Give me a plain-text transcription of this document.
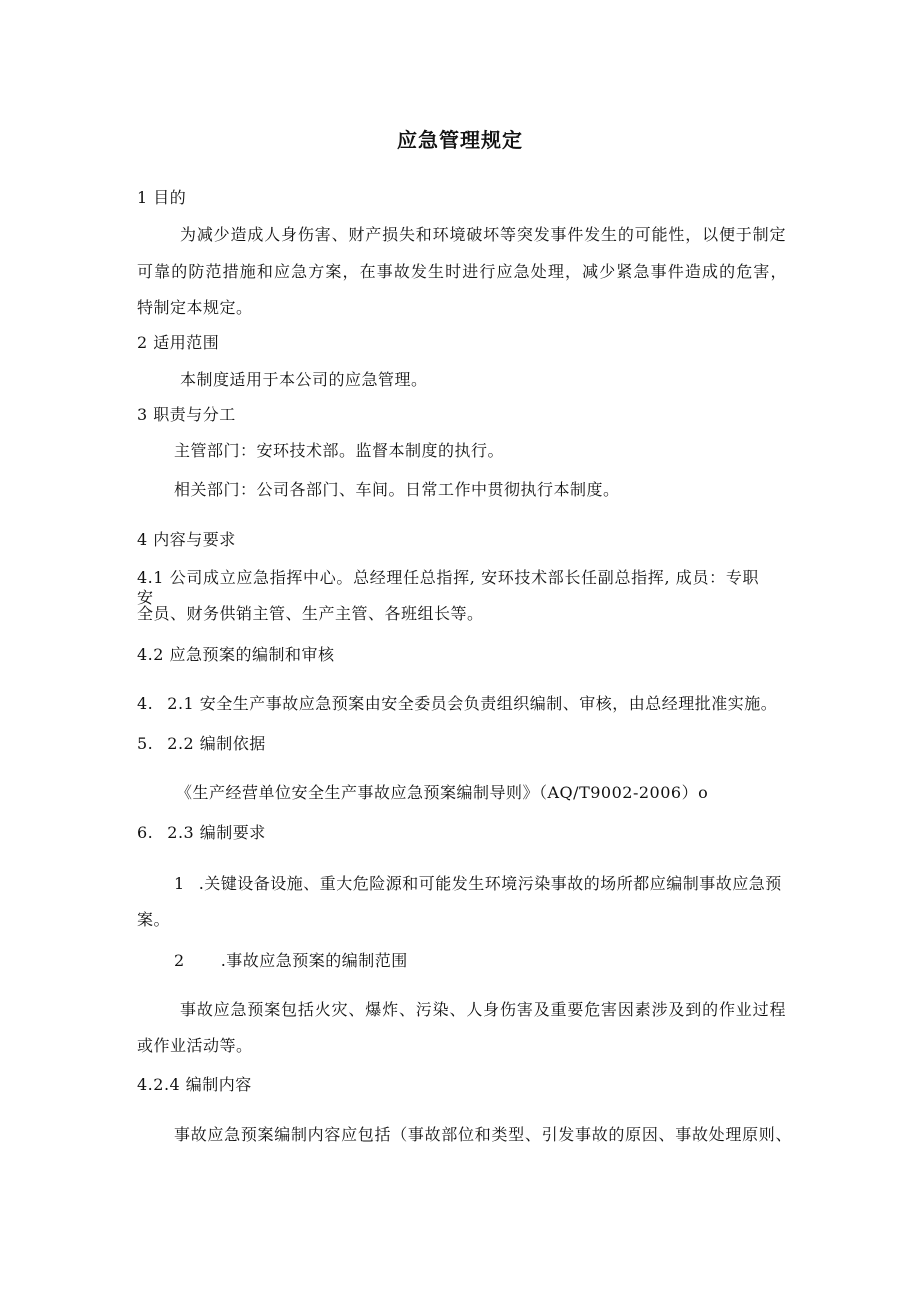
应急管理规定
1 目的
为减少造成人身伤害、财产损失和环境破坏等突发事件发生的可能性，以便于制定
可靠的防范措施和应急方案，在事故发生时进行应急处理，减少紧急事件造成的危害，
特制定本规定。
2 适用范围
本制度适用于本公司的应急管理。
3 职责与分工
主管部门：安环技术部。监督本制度的执行。
相关部门：公司各部门、车间。日常工作中贯彻执行本制度。
4 内容与要求
4.1 公司成立应急指挥中心。总经理任总指挥, 安环技术部长任副总指挥, 成员：专职安
全员、财务供销主管、生产主管、各班组长等。
4.2 应急预案的编制和审核
4. 2.1 安全生产事故应急预案由安全委员会负责组织编制、审核，由总经理批准实施。
5. 2.2 编制依据
《生产经营单位安全生产事故应急预案编制导则》（AQ/T9002-2006）o
6. 2.3 编制要求
1 .关键设备设施、重大危险源和可能发生环境污染事故的场所都应编制事故应急预
案。
2 .事故应急预案的编制范围
事故应急预案包括火灾、爆炸、污染、人身伤害及重要危害因素涉及到的作业过程
或作业活动等。
4.2.4 编制内容
事故应急预案编制内容应包括（事故部位和类型、引发事故的原因、事故处理原则、
